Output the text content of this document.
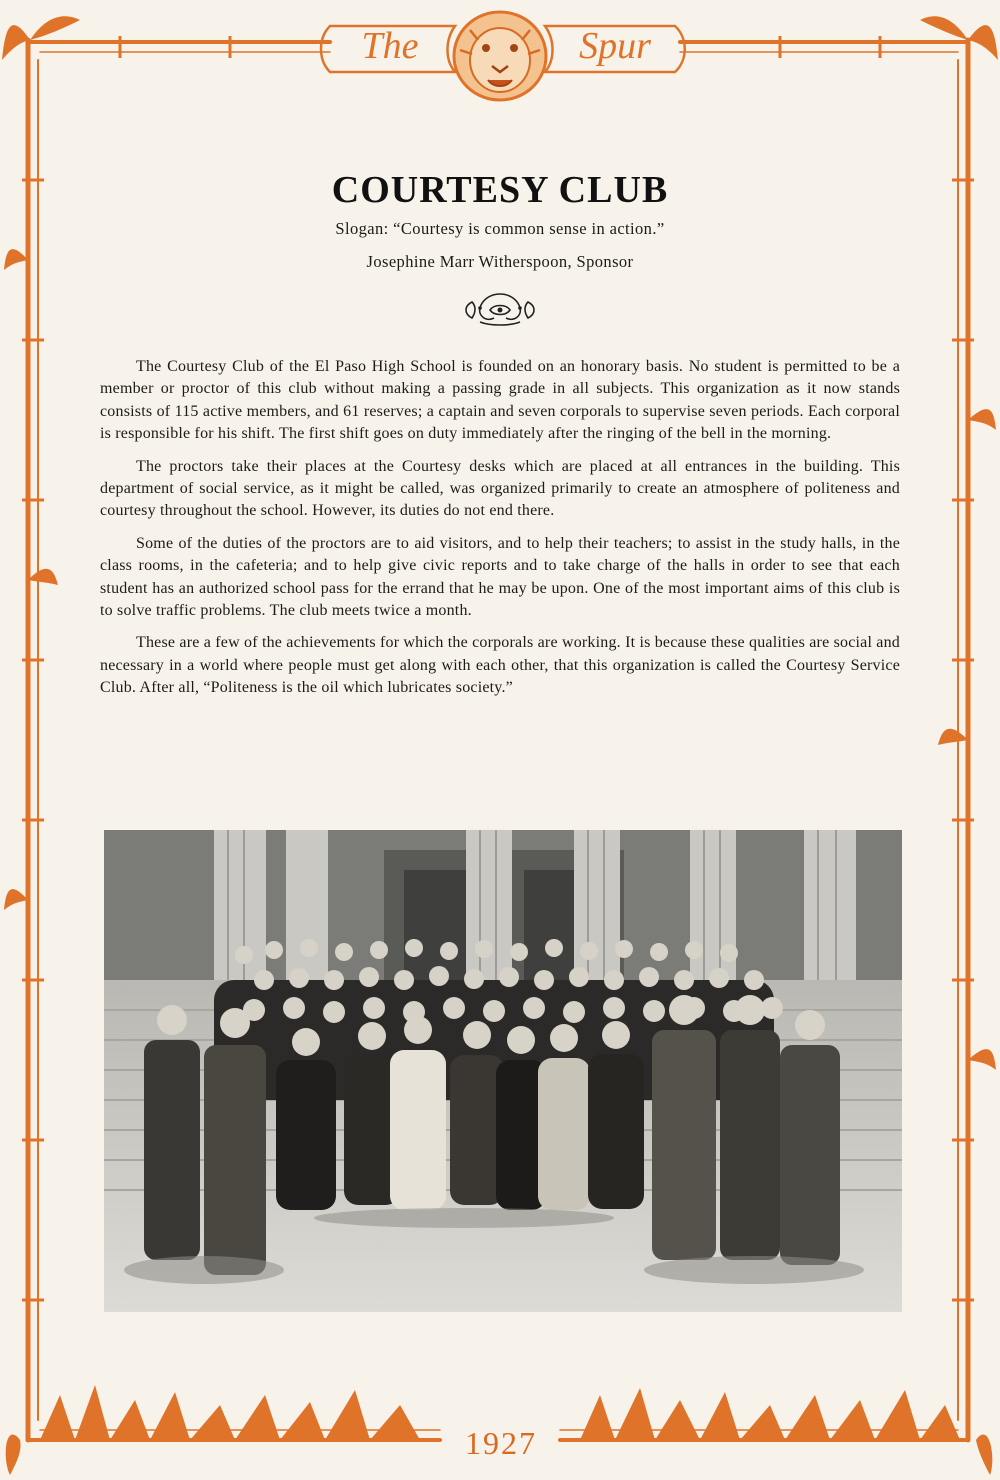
The	Spur
COURTESY CLUB

Slogan: “Courtesy is common sense in action.”

Josephine Marr Witherspoon, Sponsor

The Courtesy Club of the El Paso High School is founded on an honorary basis. No student is permitted to be a member or proctor of this club without making a passing grade in all subjects. This organization as it now stands consists of 115 active members, and 61 reserves; a captain and seven corporals to supervise seven periods. Each corporal is responsible for his shift. The first shift goes on duty immediately after the ringing of the bell in the morning.

The proctors take their places at the Courtesy desks which are placed at all entrances in the building. This department of social service, as it might be called, was organized primarily to create an atmosphere of politeness and courtesy throughout the school. However, its duties do not end there.

Some of the duties of the proctors are to aid visitors, and to help their teachers; to assist in the study halls, in the class rooms, in the cafeteria; and to help give civic reports and to take charge of the halls in order to see that each student has an authorized school pass for the errand that he may be upon. One of the most important aims of this club is to solve traffic problems. The club meets twice a month.

These are a few of the achievements for which the corporals are working. It is because these qualities are social and necessary in a world where people must get along with each other, that this organization is called the Courtesy Service Club. After all, “Politeness is the oil which lubricates society.”

1927
